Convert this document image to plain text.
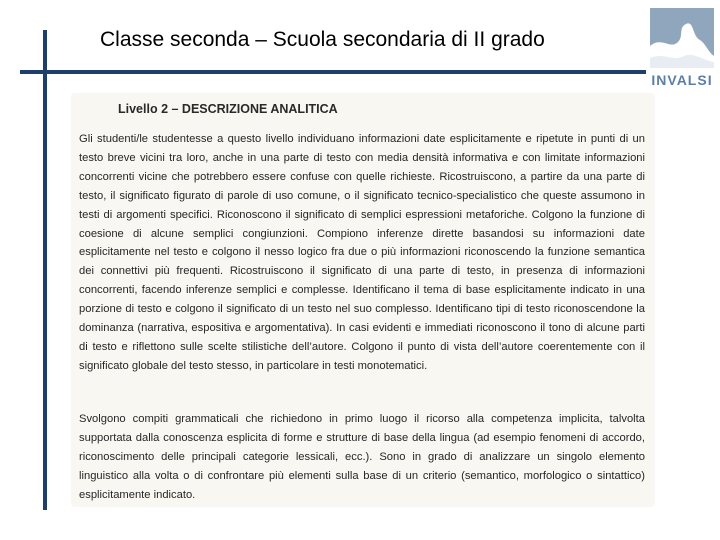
Classe seconda – Scuola secondaria di II grado
INVALSI
Livello 2 – DESCRIZIONE ANALITICA
Gli studenti/le studentesse a questo livello individuano informazioni date esplicitamente e ripetute in punti di un testo breve vicini tra loro, anche in una parte di testo con media densità informativa e con limitate informazioni concorrenti vicine che potrebbero essere confuse con quelle richieste. Ricostruiscono, a partire da una parte di testo, il significato figurato di parole di uso comune, o il significato tecnico-specialistico che queste assumono in testi di argomenti specifici. Riconoscono il significato di semplici espressioni metaforiche. Colgono la funzione di coesione di alcune semplici congiunzioni. Compiono inferenze dirette basandosi su informazioni date esplicitamente nel testo e colgono il nesso logico fra due o più informazioni riconoscendo la funzione semantica dei connettivi più frequenti. Ricostruiscono il significato di una parte di testo, in presenza di informazioni concorrenti, facendo inferenze semplici e complesse. Identificano il tema di base esplicitamente indicato in una porzione di testo e colgono il significato di un testo nel suo complesso. Identificano tipi di testo riconoscendone la dominanza (narrativa, espositiva e argomentativa). In casi evidenti e immediati riconoscono il tono di alcune parti di testo e riflettono sulle scelte stilistiche dell’autore. Colgono il punto di vista dell’autore coerentemente con il significato globale del testo stesso, in particolare in testi monotematici.
Svolgono compiti grammaticali che richiedono in primo luogo il ricorso alla competenza implicita, talvolta supportata dalla conoscenza esplicita di forme e strutture di base della lingua (ad esempio fenomeni di accordo, riconoscimento delle principali categorie lessicali, ecc.). Sono in grado di analizzare un singolo elemento linguistico alla volta o di confrontare più elementi sulla base di un criterio (semantico, morfologico o sintattico) esplicitamente indicato.
